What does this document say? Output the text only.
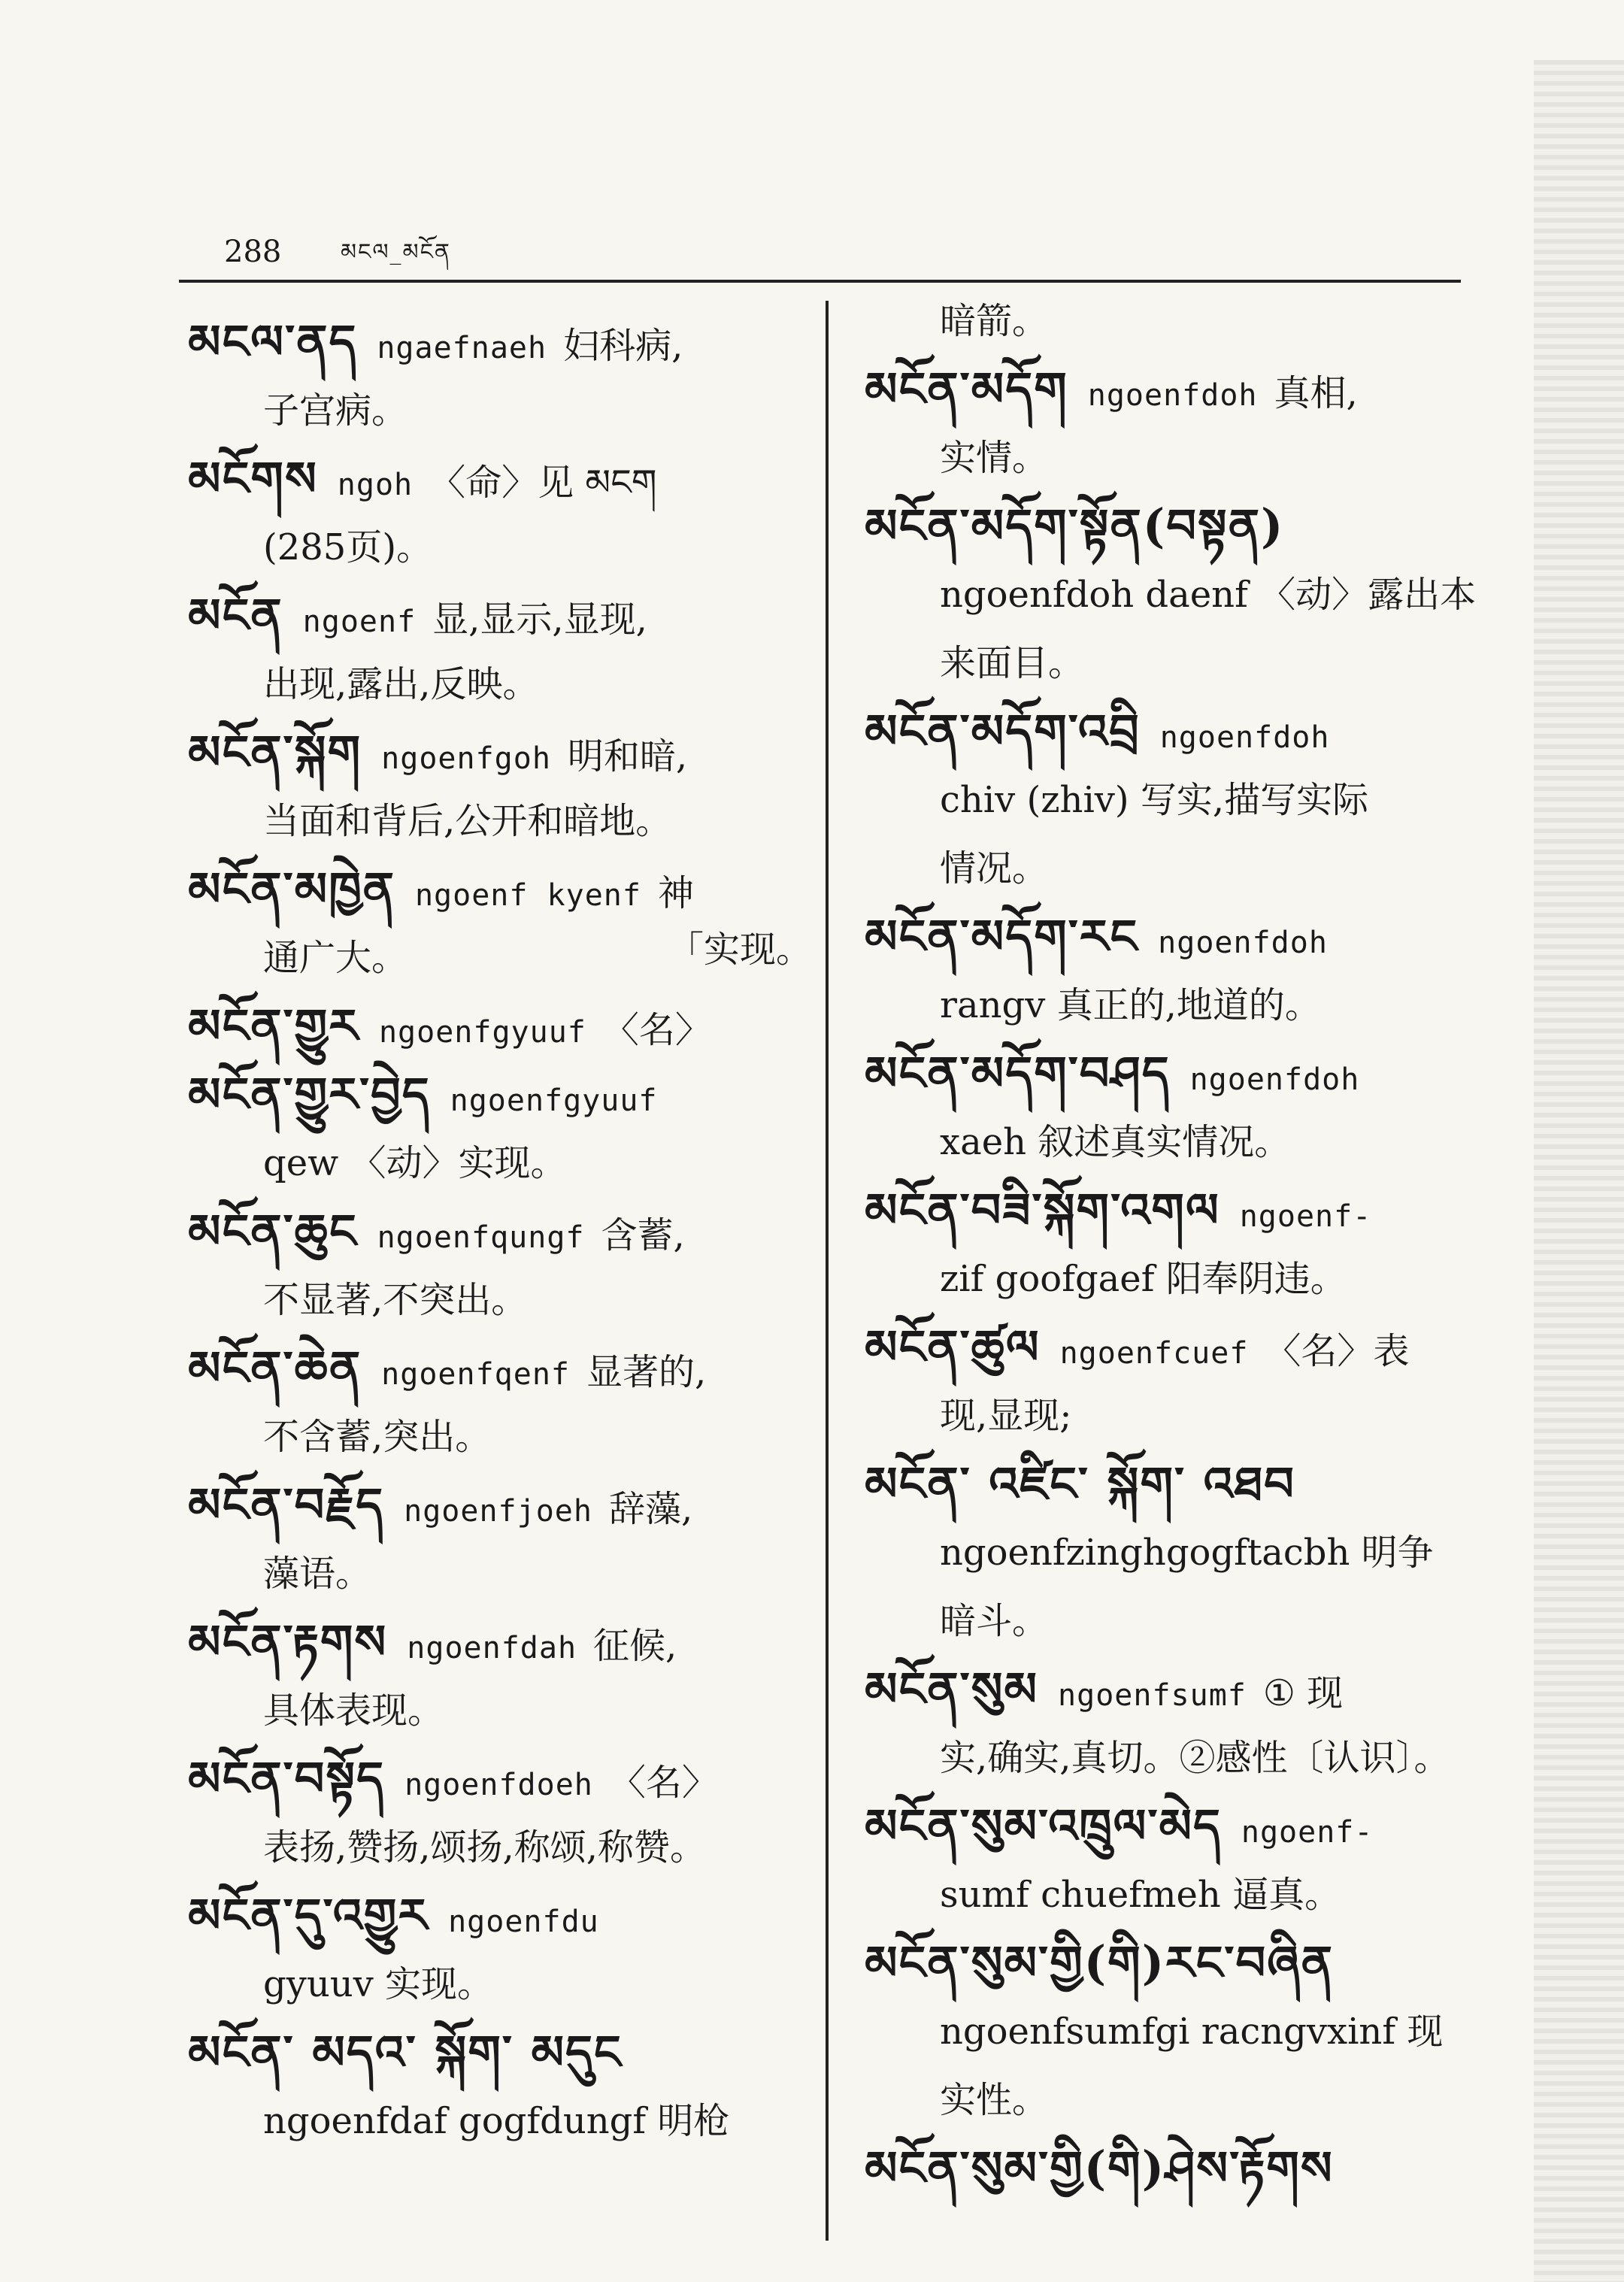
288	མངལ_མངོན
མངལ་ནད ngaefnaeh 妇科病,
子宫病。
མངོགས ngoh 〈命〉见 མངག
(285页)。
མངོན ngoenf 显,显示,显现,
出现,露出,反映。
མངོན་སྐོག ngoenfgoh 明和暗,
当面和背后,公开和暗地。
མངོན་མཁྱེན ngoenf kyenf 神
通广大。
མངོན་གྱུར ngoenfgyuuf 〈名〉
མངོན་གྱུར་བྱེད ngoenfgyuuf
qew 〈动〉实现。
མངོན་ཆུང ngoenfqungf 含蓄,
不显著,不突出。
མངོན་ཆེན ngoenfqenf 显著的,
不含蓄,突出。
མངོན་བརྗོད ngoenfjoeh 辞藻,
藻语。
མངོན་རྟགས ngoenfdah 征候,
具体表现。
མངོན་བསྟོད ngoenfdoeh 〈名〉
表扬,赞扬,颂扬,称颂,称赞。
མངོན་དུ་འགྱུར ngoenfdu
gyuuv 实现。
མངོན་ མདའ་ སྐོག་ མདུང
ngoenfdaf gogfdungf 明枪
暗箭。
མངོན་མདོག ngoenfdoh 真相,
实情。
མངོན་མདོག་སྟོན(བསྟན)
ngoenfdoh daenf 〈动〉露出本
来面目。
མངོན་མདོག་འབྲི ngoenfdoh
chiv (zhiv) 写实,描写实际
情况。
མངོན་མདོག་རང ngoenfdoh
rangv 真正的,地道的。
མངོན་མདོག་བཤད ngoenfdoh
xaeh 叙述真实情况。
མངོན་བཟི་སྐོག་འགལ ngoenf-
zif goofgaef 阳奉阴违。
མངོན་ཚུལ ngoenfcuef 〈名〉表
现,显现;
མངོན་ འཛིང་ སྐོག་ འཐབ
ngoenfzinghgogftacbh 明争
暗斗。
མངོན་སུམ ngoenfsumf ① 现
实,确实,真切。②感性〔认识〕。
མངོན་སུམ་འཁྲུལ་མེད ngoenf-
sumf chuefmeh 逼真。
མངོན་སུམ་གྱི(གི)རང་བཞིན
ngoenfsumfgi racngvxinf 现
实性。
མངོན་སུམ་གྱི(གི)ཤེས་རྟོགས
「实现。
